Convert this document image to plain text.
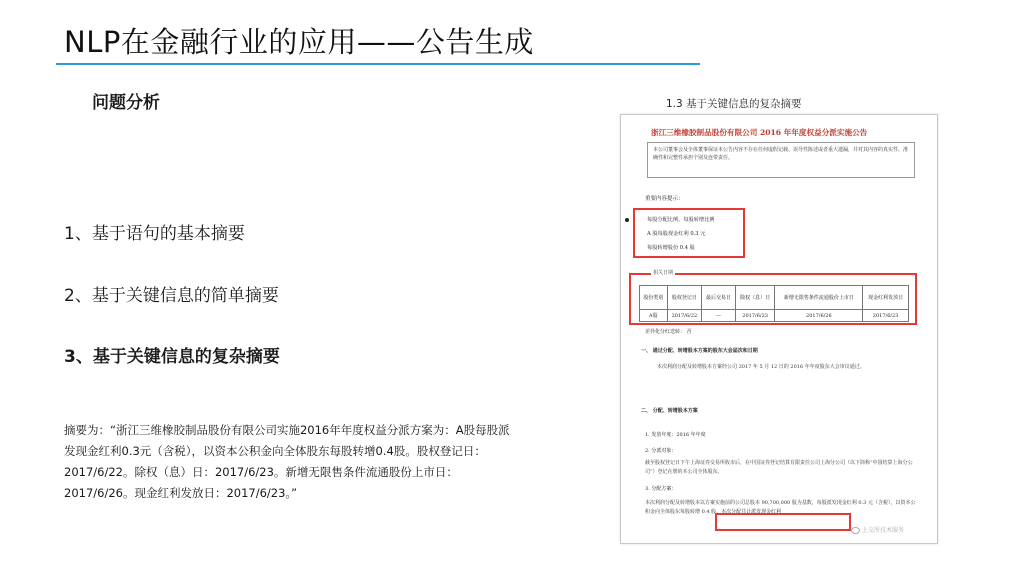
NLP在金融行业的应用——公告生成
问题分析
1、基于语句的基本摘要
2、基于关键信息的简单摘要
3、基于关键信息的复杂摘要
摘要为：“浙江三维橡胶制品股份有限公司实施2016年年度权益分派方案为：A股每股派发现金红利0.3元（含税），以资本公积金向全体股东每股转增0.4股。股权登记日：2017/6/22。除权（息）日：2017/6/23。新增无限售条件流通股份上市日：2017/6/26。现金红利发放日：2017/6/23。”
1.3 基于关键信息的复杂摘要
浙江三维橡胶制品股份有限公司 2016 年年度权益分派实施公告
本公司董事会及全体董事保证本公告内容不存在任何虚假记载、误导性陈述或者重大遗漏，并对其内容的真实性、准确性和完整性承担个别及连带责任。
重要内容提示：
每股分配比例，每股转增比例
A 股每股现金红利 0.3 元
每股转增股份 0.4 股
股份类别	股权登记日	最后交易日	除权（息）日	新增无限售条件流通股份上市日	现金红利发放日
A股	2017/6/22	—	2017/6/23	2017/6/26	2017/6/23
相关日期
差异化分红送转： 否
一、 通过分配、转增股本方案的股东大会届次和日期
本次利润分配及转增股本方案经公司 2017 年 5 月 12 日的 2016 年年度股东大会审议通过。
二、 分配、转增股本方案
1. 发放年度：2016 年年度
2. 分派对象：
截至股权登记日下午上海证券交易所收市后，在中国证券登记结算有限责任公司上海分公司（以下简称“中国结算上海分公司”）登记在册的本公司全体股东。
3. 分配方案：
本次利润分配及转增股本以方案实施前的公司总股本 90,700,000 股为基数，每股派发现金红利 0.3 元（含税），以资本公积金向全体股东每股转增 0.4 股，本次分配共计派发现金红利
上交所技术服务
